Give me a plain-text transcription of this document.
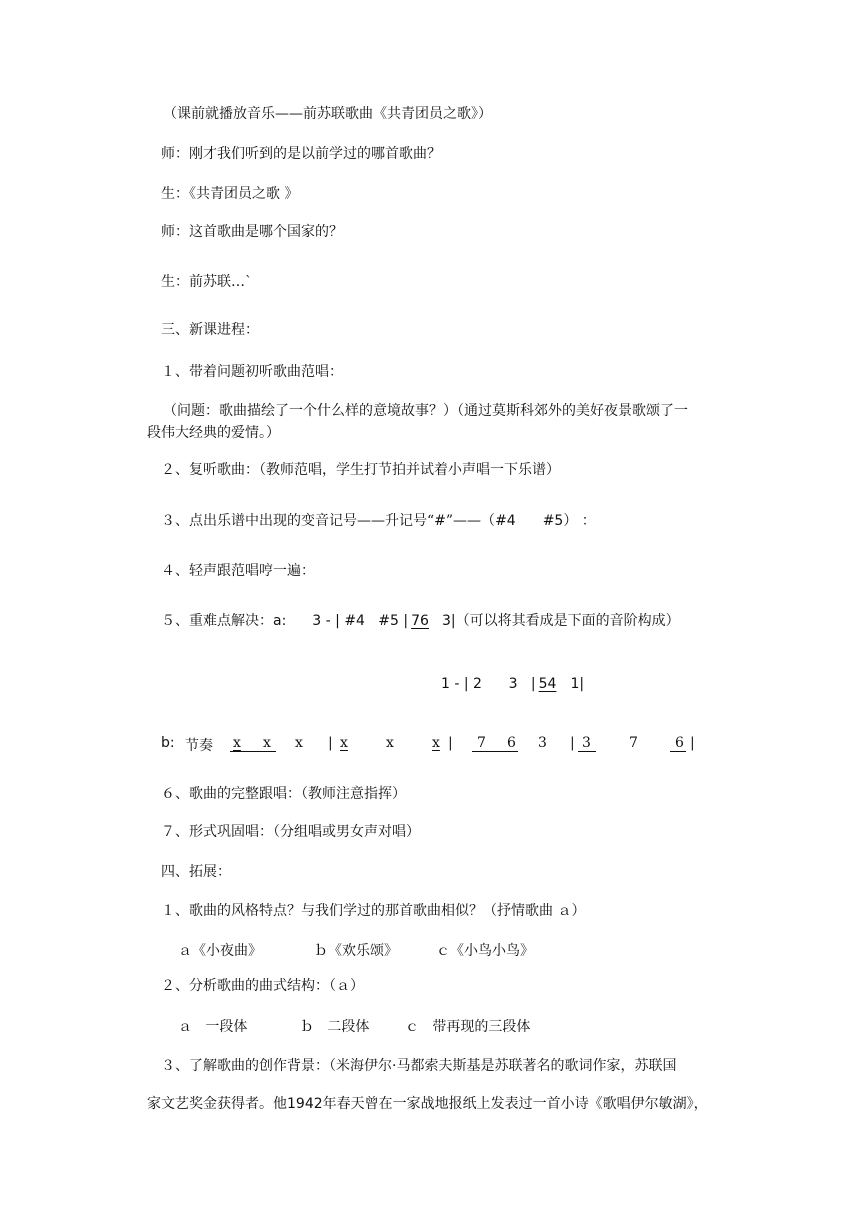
（课前就播放音乐——前苏联歌曲《共青团员之歌》）
师：刚才我们听到的是以前学过的哪首歌曲？
生：《共青团员之歌 》
师：这首歌曲是哪个国家的？
生：前苏联…`
三、新课进程：
１、带着问题初听歌曲范唱：
（问题：歌曲描绘了一个什么样的意境故事？）（通过莫斯科郊外的美好夜景歌颂了一
段伟大经典的爱情。）
２、复听歌曲：（教师范唱，学生打节拍并试着小声唱一下乐谱）
３、点出乐谱中出现的变音记号——升记号“#”——（#4 #5） ：
４、轻声跟范唱哼一遍：
５、重难点解决：a: 3 - | #4   #5 | 76 3|（可以将其看成是下面的音阶构成）
1 - | 2      3   | 54 1|
b: 节奏 x x x | x	x	x | 7 6 3 | 3	7	6 |
６、歌曲的完整跟唱：（教师注意指挥）
７、形式巩固唱：（分组唱或男女声对唱）
四、拓展：
１、歌曲的风格特点？与我们学过的那首歌曲相似？（抒情歌曲 ａ）
ａ《小夜曲》	ｂ《欢乐颂》	ｃ《小鸟小鸟》
２、分析歌曲的曲式结构：（ａ）
ａ   一段体	ｂ   二段体	ｃ   带再现的三段体
３、了解歌曲的创作背景：（米海伊尔·马都索夫斯基是苏联著名的歌词作家，苏联国
家文艺奖金获得者。他1942年春天曾在一家战地报纸上发表过一首小诗《歌唱伊尔敏湖》，
